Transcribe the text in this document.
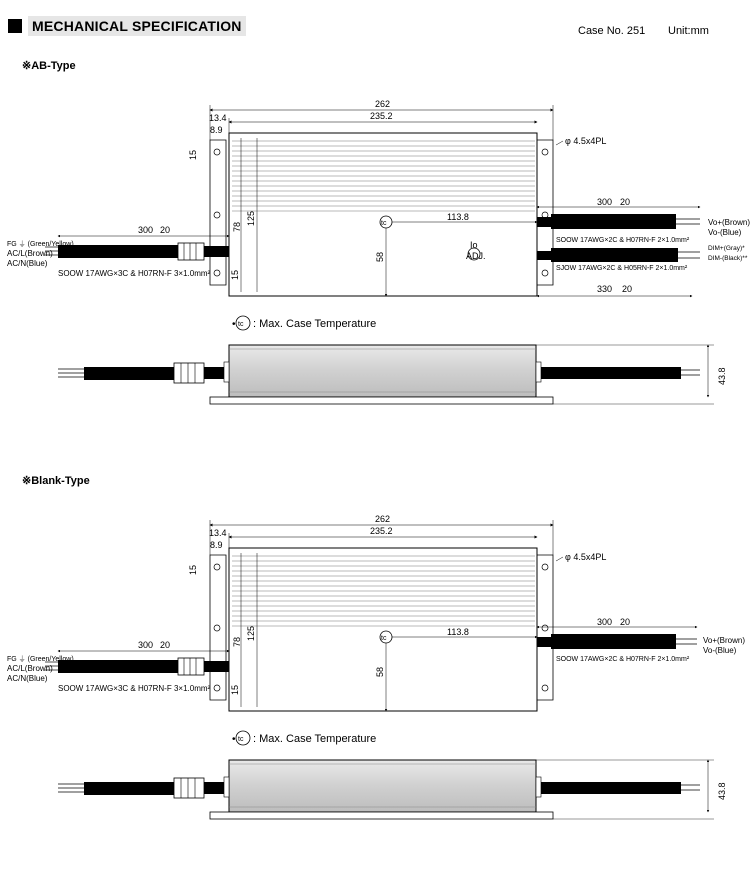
MECHANICAL SPECIFICATION	Case No. 251 Unit:mm
※AB-Type
Io
ADJ.
262
235.2
13.4
8.9
15
φ 4.5x4PL
78
125
58
15
tc
113.8
300 20
FG ⏚ (Green/Yellow)
AC/L(Brown)
AC/N(Blue)
SOOW 17AWG×3C & H07RN-F 3×1.0mm²
300 20
Vo+(Brown)
Vo-(Blue)
SOOW 17AWG×2C & H07RN-F 2×1.0mm²
DIM+(Gray)*
DIM-(Black)**
SJOW 17AWG×2C & H05RN-F 2×1.0mm²
330 20
• tc : Max. Case Temperature
43.8
※Blank-Type
262
235.2
13.4
8.9
15
φ 4.5x4PL
78
125
58
15
tc
113.8
300 20
FG ⏚ (Green/Yellow)
AC/L(Brown)
AC/N(Blue)
SOOW 17AWG×3C & H07RN-F 3×1.0mm²
300 20
Vo+(Brown)
Vo-(Blue)
SOOW 17AWG×2C & H07RN-F 2×1.0mm²
• tc : Max. Case Temperature
43.8
